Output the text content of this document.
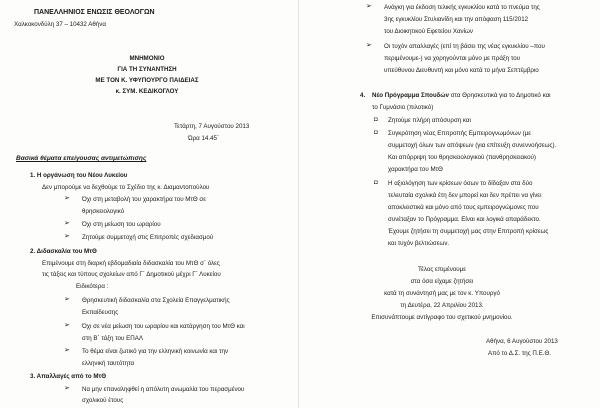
ΠΑΝΕΛΛΗΝΙΟΣ ΕΝΩΣΙΣ ΘΕΟΛΟΓΩΝ
Χαλκοκονδύλη 37 – 10432 Αθήνα
ΜΝΗΜΟΝΙΟ
ΓΙΑ ΤΗ ΣΥΝΑΝΤΗΣΗ
ΜΕ ΤΟΝ Κ. ΥΦΥΠΟΥΡΓΟ ΠΑΙΔΕΙΑΣ
κ. ΣΥΜ. ΚΕΔΙΚΟΓΛΟΥ
Τετάρτη, 7 Αυγούστου 2013
Ώρα 14.45΄
Βασικά θέματα επείγουσας αντιμετώπισης
1. Η οργάνωση του Νέου Λυκείου
Δεν μπορούμε να δεχθούμε το Σχέδιο της κ. Διαμαντοπούλου
➢ Όχι στη μεταβολή του χαρακτήρα του ΜτΘ σε
θρησκειολογικό
➢ Όχι στη μείωση του ωραρίου
➢ Ζητούμε συμμετοχή στις Επιτροπές σχεδιασμού
2. Διδασκαλία του ΜτΘ
Επιμένουμε στη διαρκή εβδομαδιαία διδασκαλία του ΜτΘ σ΄ όλες
τις τάξεις και τύπους σχολείων από Γ΄ Δημοτικού μέχρι Γ΄ Λυκείου
Ειδικότερα :
➢ Θρησκευτική διδασκαλία στα Σχολεία Επαγγελματικής
Εκπαίδευσης
➢ Όχι σε νέα μείωση του ωραρίου και κατάργηση του ΜτΘ και
στη Β΄ τάξη του ΕΠΑΛ
➢ Το θέμα είναι ζωτικό για την ελληνική κοινωνία και την
ελληνική ταυτότητα
3. Απαλλαγές από το ΜτΘ
➢ Να μην επαναληφθεί η απόλυτη ανωμαλία του περασμένου
σχολικού έτους
➢ Ανάγκη για έκδοση τελικής εγκυκλίου κατά το πνεύμα της
3ης εγκυκλίου Στυλιανίδη και την απόφαση 115/2012
του Διοικητικού Εφετείου Χανίων
➢ Οι τυχόν απαλλαγές (επί τη βάσει της νέας εγκυκλίου –που
περιμένουμε-) να χορηγούνται μόνο με πράξη του
υπεύθυνου Διευθυντή και μόνο κατά το μήνα Σεπτέμβριο
4. Νέο Πρόγραμμα Σπουδών στα Θρησκευτικά για το Δημοτικό και
το Γυμνάσιο (πιλοτικό)
◘ Ζητούμε πλήρη απόσυρση και
◘ Συγκρότηση νέας Επιτροπής Εμπειρογνωμόνων (με
συμμετοχή όλων των απόψεων (για επίτευξη συνεννοήσεως).
Και απόρριψη του θρησκειολογικού (πανθρησκειακού)
χαρακτήρα του ΜτΘ
◘ Η αξιολόγηση των κρίσεων όσων το δίδαξαν στα δύο
τελευταία σχολικά έτη δεν μπορεί και δεν πρέπει να γίνει
αποκλειστικά και μόνο από τους εμπειρογνώμονες που
συνέταξαν το Πρόγραμμα. Είναι και λογικά απαράδεκτο.
Έχουμε ζητήσει τη συμμετοχή μας στην Επιτροπή κρίσεως
και τυχόν βελτιώσεων.
Τέλος επιμένουμε
στα όσα είχαμε ζητήσει
κατά τη συνάντησή μας με τον κ. Υπουργό
τη Δευτέρα, 22 Απριλίου 2013.
Επισυνάπτουμε αντίγραφο του σχετικού μνημονίου.
Αθήνα, 6 Αυγούστου 2013
Από το Δ.Σ. της Π.Ε.Θ.
